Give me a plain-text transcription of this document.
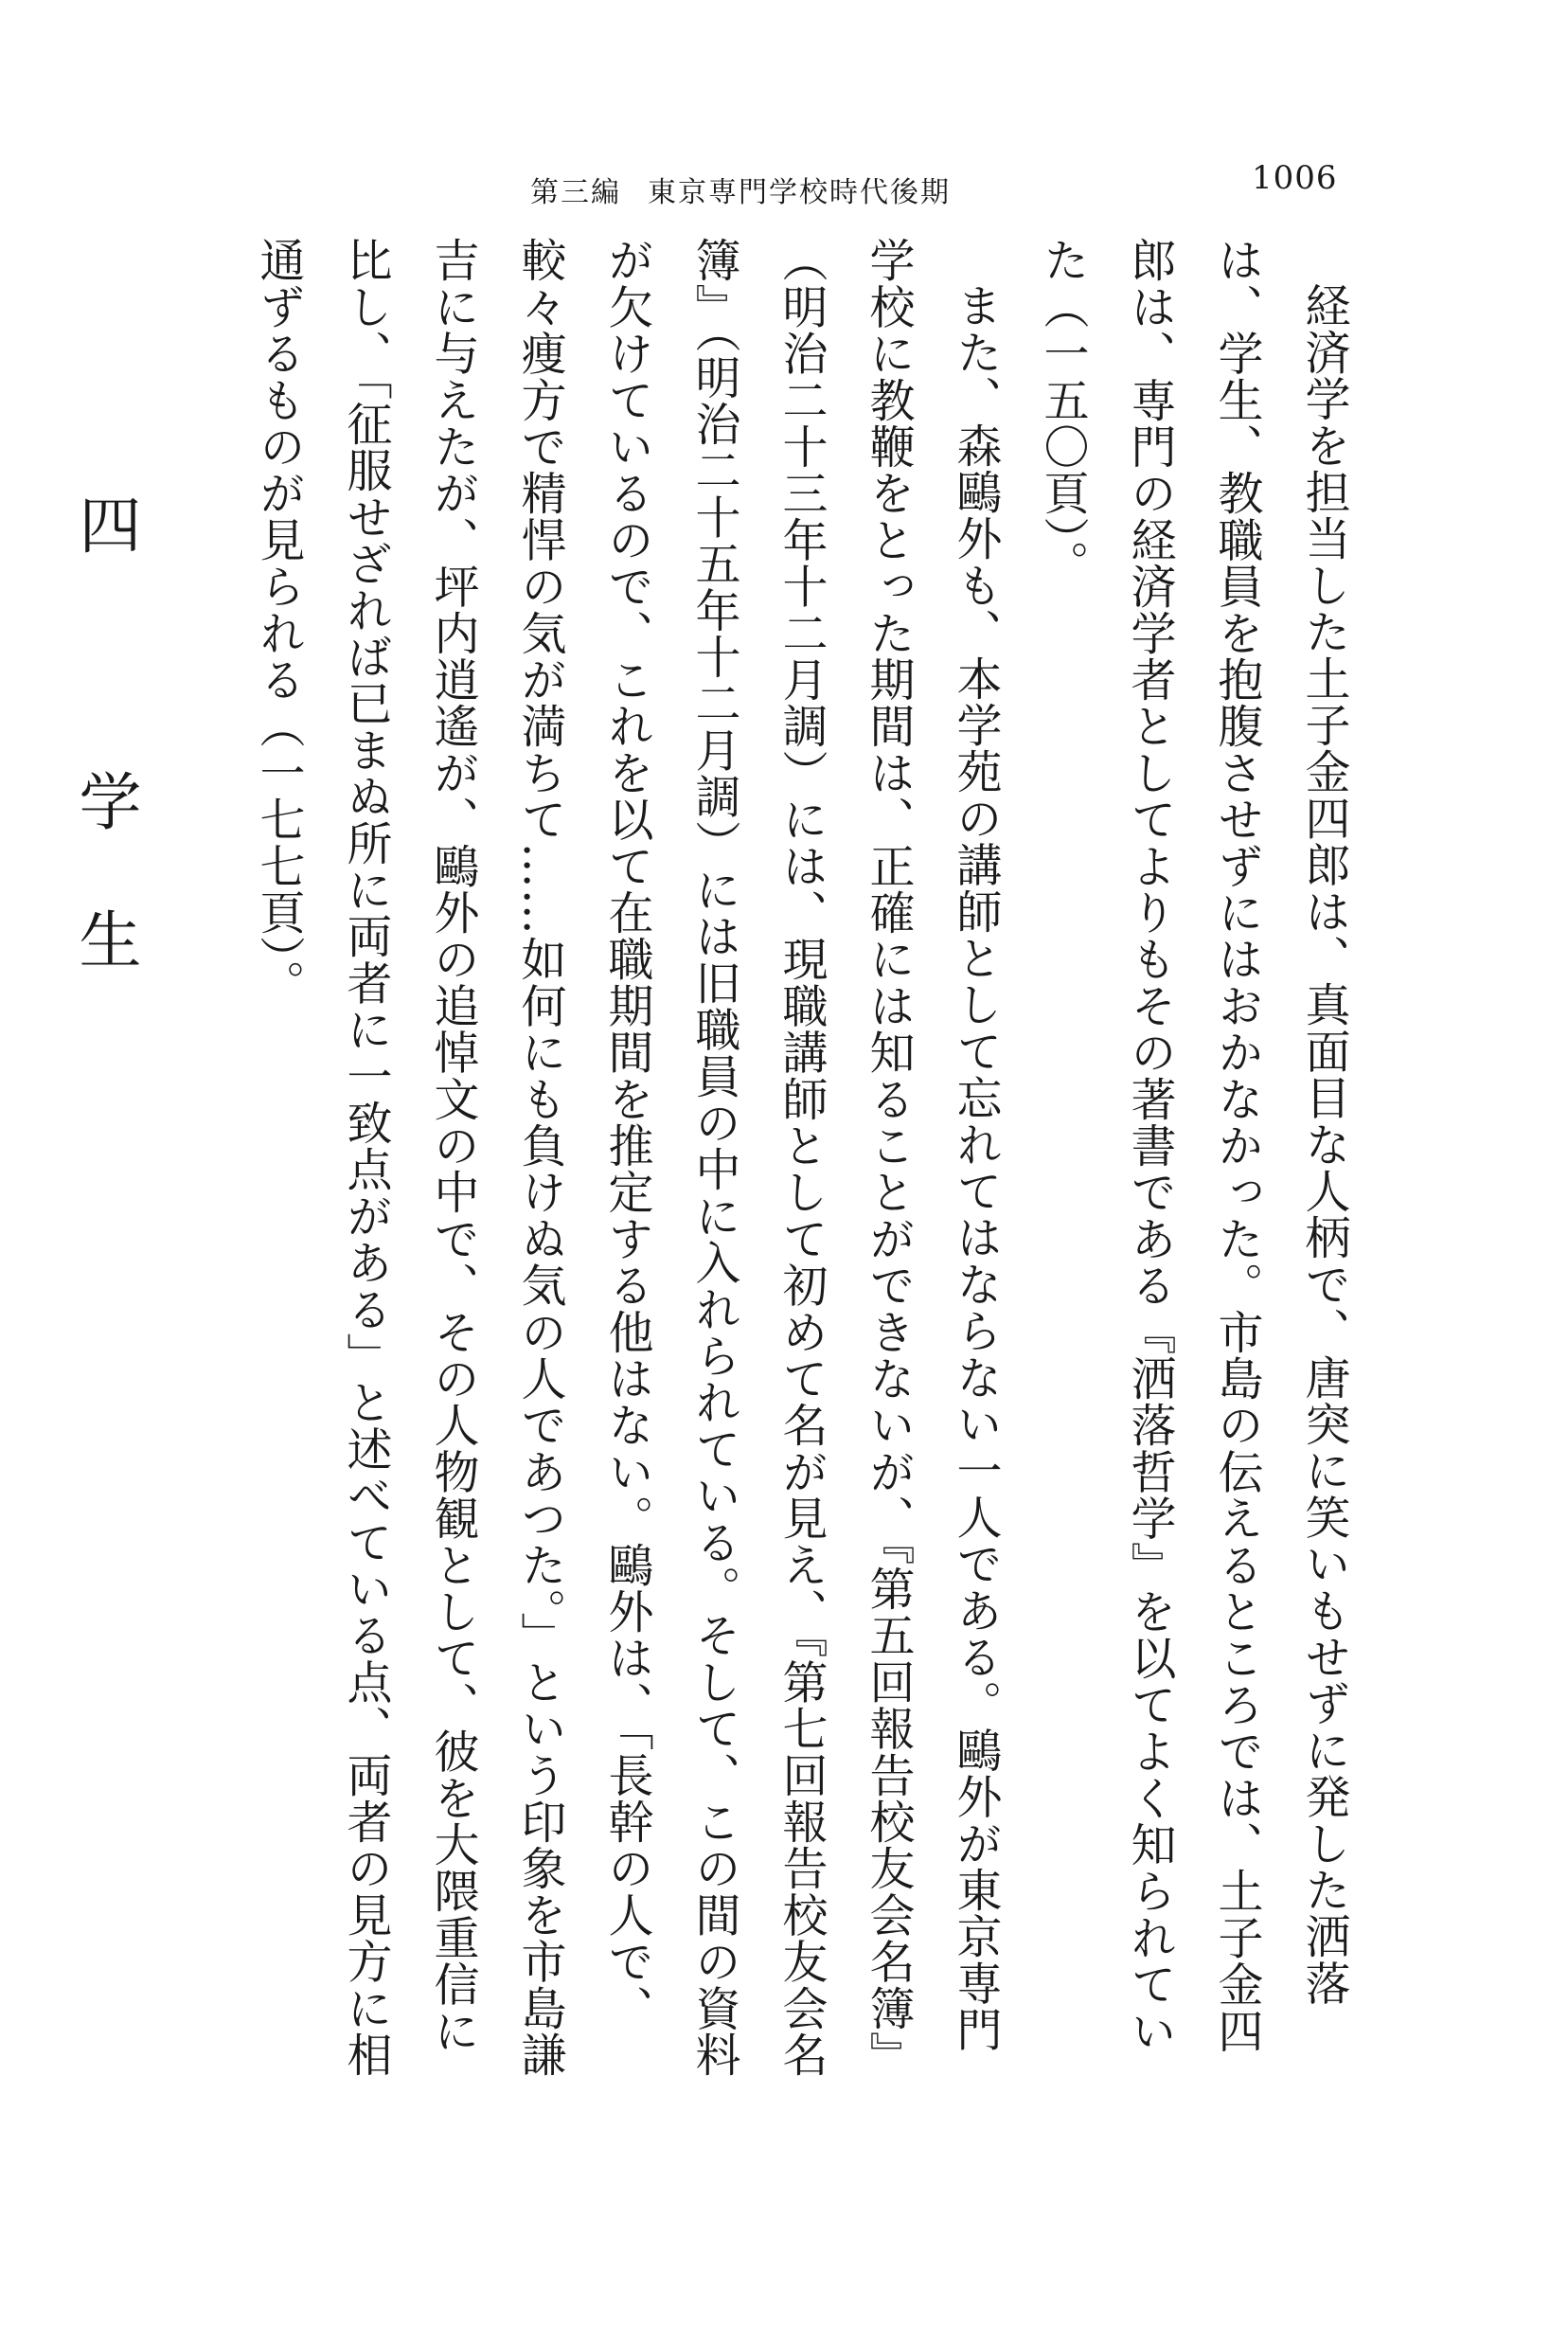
第三編 東京専門学校時代後期	1006

経済学を担当した土子金四郎は、真面目な人柄で、唐突に笑いもせずに発した洒落は、学生、教職員を抱腹させずにはおかなかった。市島の伝えるところでは、土子金四郎は、専門の経済学者としてよりもその著書である『洒落哲学』を以てよく知られていた（一五〇頁）。

また、森鷗外も、本学苑の講師として忘れてはならない一人である。鷗外が東京専門学校に教鞭をとった期間は、正確には知ることができないが、『第五回報告校友会名簿』（明治二十三年十二月調）には、現職講師として初めて名が見え、『第七回報告校友会名簿』（明治二十五年十二月調）には旧職員の中に入れられている。そして、この間の資料が欠けているので、これを以て在職期間を推定する他はない。鷗外は、「長幹の人で、較々痩方で精悍の気が満ちて……如何にも負けぬ気の人であつた。」という印象を市島謙吉に与えたが、坪内逍遙が、鷗外の追悼文の中で、その人物観として、彼を大隈重信に比し、「征服せざれば已まぬ所に両者に一致点がある」と述べている点、両者の見方に相通ずるものが見られる（一七七頁）。

四　学生
